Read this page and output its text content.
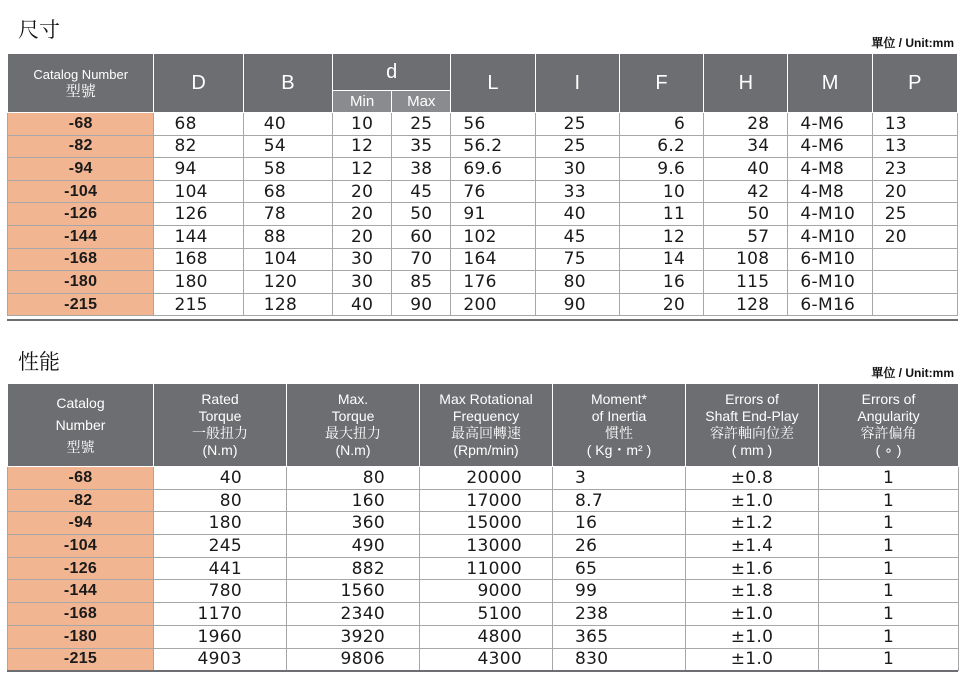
尺寸
單位 / Unit:mm
Catalog Number
型號	D	B	d		L	I	F	H	M	P
			Min	Max						
-68	68	40	10	25	56	25	6	28	4-M6	13
-82	82	54	12	35	56.2	25	6.2	34	4-M6	13
-94	94	58	12	38	69.6	30	9.6	40	4-M8	23
-104	104	68	20	45	76	33	10	42	4-M8	20
-126	126	78	20	50	91	40	11	50	4-M10	25
-144	144	88	20	60	102	45	12	57	4-M10	20
-168	168	104	30	70	164	75	14	108	6-M10	
-180	180	120	30	85	176	80	16	115	6-M10	
-215	215	128	40	90	200	90	20	128	6-M16	
性能	單位 / Unit:mm
Catalog
Number
型號	Rated
Torque
一般扭力
(N.m)	Max.
Torque
最大扭力
(N.m)	Max Rotational
Frequency
最高回轉速
(Rpm/min)	Moment*
of Inertia
慣性
( Kg・m² )	Errors of
Shaft End-Play
容許軸向位差
( mm )	Errors of
Angularity
容許偏角
( ∘ )
-68	40	80	20000	3	±0.8	1
-82	80	160	17000	8.7	±1.0	1
-94	180	360	15000	16	±1.2	1
-104	245	490	13000	26	±1.4	1
-126	441	882	11000	65	±1.6	1
-144	780	1560	9000	99	±1.8	1
-168	1170	2340	5100	238	±1.0	1
-180	1960	3920	4800	365	±1.0	1
-215	4903	9806	4300	830	±1.0	1
